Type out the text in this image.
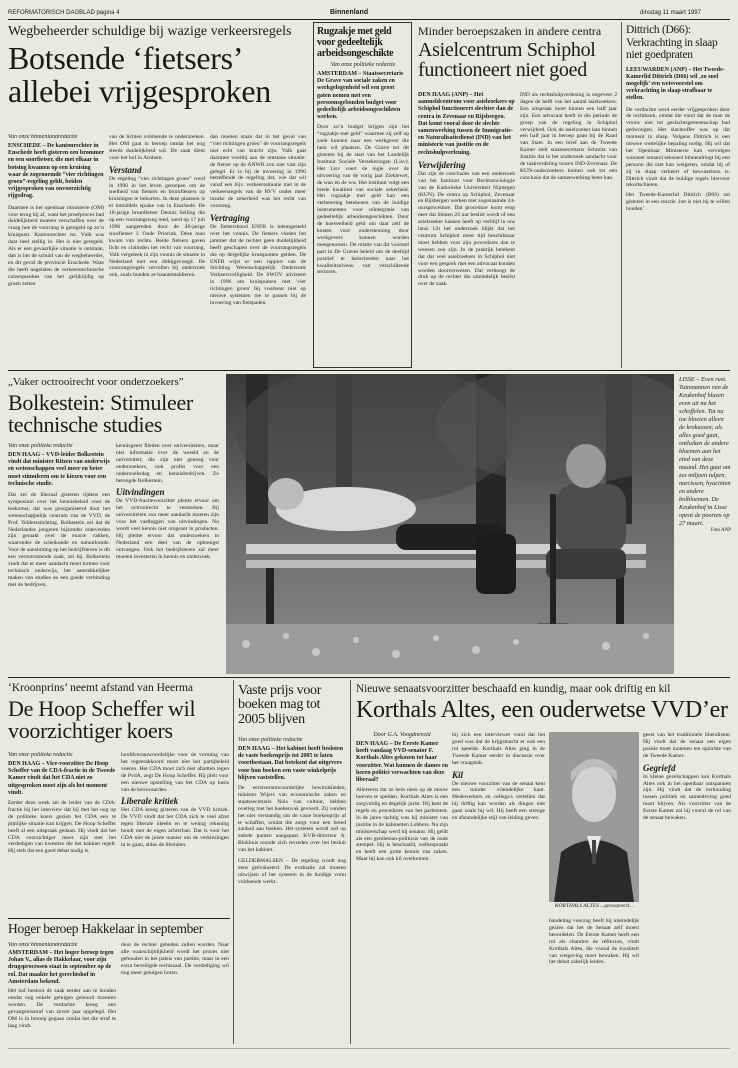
REFORMATORISCH DAGBLAD pagina 4	Binnenland	dinsdag 11 maart 1997
Wegbeheerder schuldige bij wazige verkeersregels
Botsende ‘fietsers’ allebei vrijgesproken
Van onze binnenlandredactie
ENSCHEDE – De kantonrechter in Enschede heeft gisteren een brommer en een snorfietser, die met elkaar in botsing kwamen op een kruising waar de zogenoemde “vier richtingen groen”-regeling geldt, beiden vrijgesproken van onvoorzichtig rijgedrag.
Daarmee is het openbaar ministerie (OM) voor terug bij af, want het proefproces had duidelijkheid moeten verschaffen over de vraag hoe de voorrang is geregeld op zo’n kruispunt. Kantonrechter mr. Vulk was daar heel stellig in. Het is niet geregeld. Als er een gevaarlijke situatie is ontstaan, dan is het de schuld van de wegbeheerder, en dit geval de provincie Enschede. Want die heeft nagelaten de verkeerstechnische consequenties van het gelijktijdig op groen zetten
van de lichten voldoende te onderzoeken. Het OM gaat in beroep omdat het nog steeds duidelijkheid wil. De zaak dient voor het hof in Arnhem.
Verstand
De regeling “vier richtingen groen” werd in 1990 in het leven geroepen om de snelheid van fietsers en bromfietsers op kruisingen te bekorten. In deze plaatsen is er inmiddels sprake van in Enschede. De 18-jarige bromfietser Dennis Selling die op een voorrangsweg reed, werd op 17 juli 1996 aangereden door de 46-jarige snorfietser J. Oude Priorink. Deze man kwam van rechts. Beide fietsers gaven licht en claimden het recht van voorrang. Valk vergeleek in zijn vonnis de situatie in Nederland met een ditbijgevoegd. De voorrangsregels vervallen bij onderzoek ook, zoals bonden ze haantemaldieren.
dan moeten staan dat in het geval van “vier richtingen groen” de voorrangsregels niet echt van kracht zijn. Valk gaat daarmee voorbij aan de ontstane situatie: de fietser op de ANWB zou niet vast zijn gelegd. Er is bij de invoering in 1990 betreffende de regeling dat, wie dat wil vanaf een bijv. verkeerssituatie met in de verkeersregels van de RVV onder meer inzake de zekerheid was het recht van voorrang.
Vertraging
De fietsersbond ENFB is teleurgesteld over het vonnis. De fietsers vinden het jammer dat de rechter geen duidelijkheid heeft geschapen over de voorrangsregels die op dergelijke kruispunten gelden. De ENFB wijst er een rapport van de Stichting Wetenschappelijk Onderzoek Verkeersveiligheid. De SWOV adviseert in 1996 om kruispunten met 'vier richtingen groen' bij voorkeur niet op nieuwe systemen toe te passen bij de invoering van fietspaden.
Rugzakje met geld voor gedeeltelijk arbeidsongeschikte
Van onze politieke redactie
AMSTERDAM – Staatssecretaris De Grave van sociale zaken en werkgelegenheid wil een groot gaten nemen met een persoonsgebonden budget voor gedeeltelijk arbeidsongeschikten werken.
Door zo’n budget krijgen zijn het “rugzakje met geld” waarmee zij zelf op zoek kunnen naar een werkgever die hem wil plaatsen. De Grave zei dit gisteren bij de start van het Landelijk Instituut Sociale Verzekeringen (Lisv). Het Lisv voert de regie over de uitvoering van de vorig jaar Ziektewet, de wao en de ww. Het instituut volgt een brede kwaliteit van sociale zekerheid. Het rugzakje met geld kan een verbetering betekenen van de huidige instrumenten voor reïntegratie van gedeeltelijk arbeidsongeschikten. Door de hoeveelheid geld om daar zelf de kosten voor ondersteuning door werkgevers kunnen worden meegenomen. De relatie van dit voorstel past in De Graves beleid om de deeltijd positief te beïnvloeden naar het kwaliteitsniveau van verschillende sectoren.
Minder beroepszaken in andere centra
Asielcentrum Schiphol functioneert niet goed
DEN HAAG (ANP) – Het aanmeldcentrum voor asielzoekers op Schiphol functioneert slechter dan de centra in Zevenaar en Rijsbergen. Dat komt vooral door de slechte samenwerking tussen de Immigratie- en Naturalisatiedienst (IND) van het ministerie van justitie en de rechtshulpverlening.
Verwijdering
Dat zijn de conclusies van een onderzoek van het Instituut voor Rechtssociologie van de Katholieke Universiteit Nijmegen (KUN). De centra op Schiphol, Zevenaar en Rijsbergen werken met zogenaamde 24-uursprocedure. Dat procedure komt erop neer dat binnen 24 uur beslist wordt of een asielzoeker kansen heeft op verblijf in ons land. Uit het onderzoek blijkt dat het centrum Schiphol meer tijd beschikbaar moet hebben voor zijn procedures dan te wensen zou zijn. In de praktijk betekent dat dat veel asielzoekers in Schiphol niet voor een gesprek met een advocaat konden worden doorverwezen. Dat verhoogt de druk op de rechter die uiteindelijk beslist over de zaak.
IND als rechtshulpverlening is ongeveer 2 dagen de helft van het aantal asielzoekers. Een uitspraak moet binnen een half jaar zijn. Een advocaat heeft in die periode de groep van de regeling in Schiphol verwijderd. Ook de asielzoeker kan binnen een half jaar in beroep gaan bij de Raad van State. In een brief aan de Tweede Kamer stelt staatssecretaris Schmitz van Justitie dat in het onderzoek aandacht voor de taakverdeling tussen IND-Zevenaar. De KUN-onderzoekers komen ook tot een conclusie dat de samenwerking beter kan.
Dittrich (D66): Verkrachting in slaap niet goedpraten
LEEUWARDEN (ANP) – Het Tweede-Kamerlid Dittrich (D66) wil ‚zo snel mogelijk’ een wetsvoorstel om verkrachting in slaap strafbaar te stellen.
De verdachte werd eerder vrijgesproken door de rechtbank, omdat die vond dat de man de vrouw niet tot geslachtsgemeenschap had gedwongen. Het slachtoffer was op dat moment in slaap. Volgens Dittrich is een nieuwe wettelijke bepaling nodig. Hij wil dat het Openbaar Ministerie kan vervolgen wanneer iemand seksueel binnendringt bij een persoon die niet kan weigeren, omdat hij of zij in slaap verkeert of bewusteloos is. Dittrich vindt dat de huidige regels hiervoor tekortschieten.
Het Tweede-Kamerlid Dittrich (D66) zei gisteren in een reactie ‚het is niet bij te willen houden’.
„Vaker octrooirecht voor onderzoekers”
Bolkestein: Stimuleer technische studies
Van onze politieke redactie
DEN HAAG – VVD-leider Bolkestein vindt dat minister Ritzen van onderwijs en wetenschappen veel meer en beter moet stimuleren om te kiezen voor een technische studie.
Dat zei de liberaal gisteren tijdens een symposium over het kennisbeleid voor de toekomst, dat was georganiseerd door het wetenschappelijk centrum van de VVD, de Prof. Teldersstichting. Bolkestein zei dat de Nederlandse jongeren bijzonder ontevreden zijn geraakt over de exacte vakken, waaronder de scheikunde en natuurkunde. Voor de aansluiting op het bedrijfsleven is dit een verontrustende zaak, zei hij. Bolkestein vindt dat er meer aandacht moet komen voor technisch onderwijs, het aantrekkelijker maken van studies en een goede verbinding met de bedrijven.
kennisgeest fileden over universiteiten, maar niet informatie over de wereld en de universiteit; die zijn niet genoeg voor onderzoekers, ook profes voor een onderzoeksdag en kennisbedrijven. Zo betoogde Bolkestein.
Uitvindingen
De VVD-fractievoorzitter pleitte ervoor om het octrooirecht te versterken. Bij universiteiten zou meer aandacht moeten zijn voor het vastleggen van uitvindingen. Nu wordt veel kennis niet omgezet in producten. Hij pleitte ervoor dat onderzoekers in Nederland een deel van de opbrengst ontvangen. Ook het bedrijfsleven zal meer moeten investeren in kennis en onderzoek.
LISSE – Even rust. Tuinmannen van de Keukenhof blazen even uit na het schoffelen. Tot nu toe bloeien alleen de krokussen; als alles goed gaat, ontluiken de andere bloemen aan het eind van deze maand. Het gaat om zes miljoen tulpen, narcissen, hyacinten en andere bolbloemen. De Keukenhof in Lisse opent de poorten op 27 maart.
Foto ANP
‘Kroonprins’ neemt afstand van Heerma
De Hoop Scheffer wil voorzichtiger koers
Van onze politieke redactie
DEN HAAG – Vice-voorzitter De Hoop Scheffer van de CDA-fractie in de Tweede Kamer vindt dat het CDA niet zo uitgesproken moet zijn als het moment vindt.
Eerder deze week zei de leider van de CDA-fractie bij het interview dat hij met het oog op de politieke koers gezien het CDA een te pijnlijke situatie kan krijgen. De Hoop Scheffer heeft al een uitspraak gedaan. Hij vindt dat het CDA voorzichtiger moet zijn met het verdedigen van kwesties die het kabinet regelt. Hij stelt dat een goed debat nodig is.
hoofdverantwoordelijke voor de vorming van het regeerakkoord moet niet het partijbeleid voeren. Het CDA moet zich niet afzetten tegen de PvdA, zegt De Hoop Scheffer. Hij pleit voor een nieuwe opstelling van het CDA op basis van de kernwaarden.
Liberale kritiek
Het CDA kreeg gisteren van de VVD kritiek. De VVD vindt dat het CDA zich te veel afzet tegen liberale ideeën en te weinig rekening houdt met de eigen achterban. Dat is voor het CDA niet de juiste manier om de verkiezingen in te gaan, aldus de liberalen.
Hoger beroep Hakkelaar in september
Van onze binnenlandredactie
AMSTERDAM – Het hoger beroep tegen Johan V., alias de Hakkelaar, voor zijn drugsprocessen staat in september op de rol. Dat maakte het gerechtshof in Amsterdam bekend.
Het hof besloot de zaak eerder aan te houden omdat nog enkele getuigen gehoord moesten worden. De verdachte kreeg een gevangenisstraf van zeven jaar opgelegd. Het OM is in beroep gegaan omdat het die straf te laag vindt.
door de rechter geboden zullen worden. Naar alle waarschijnlijkheid wordt het proces niet gehouden in het paleis van justitie, maar in een extra beveiligde rechtszaal. De verdediging wil nog meer getuigen horen.
Vaste prijs voor boeken mag tot 2005 blijven
Van onze politieke redactie
DEN HAAG – Het kabinet heeft besloten de vaste boekenprijs tot 2005 te laten voortbestaan. Dat betekent dat uitgevers voor hun boeken een vaste winkelprijs blijven vaststellen.
De eerstverantwoordelijke bewindslieden, minister Wijers van economische zaken en staatssecretaris Nuis van cultuur, hebben overleg met het boekenvak gevoerd. Zij vonden het niet verstandig om de vaste boekenprijs af te schaffen, omdat die zorgt voor een breed aanbod aan boeken. Het systeem wordt wel op enkele punten aangepast. KVB-directeur A. Blokhuis toonde zich tevreden over het besluit van het kabinet.
GELDERMALSEN – De regeling wordt nog eens geëvalueerd. De evaluatie zal moeten uitwijzen of het systeem in de huidige vorm voldoende werkt.
Nieuwe senaatsvoorzitter beschaafd en kundig, maar ook driftig en kil
Korthals Altes, een ouderwetse VVD’er
Door G.A. Voogdneveld
DEN HAAG – De Eerste Kamer heeft vandaag VVD-senator F. Korthals Altes gekozen tot haar voorzitter. Wat kunnen de dames en heren politici verwachten van deze liberaal?
Allereerst dat ze hem niets op de mouw hoeven te spelden. Korthals Altes is een zorgvuldig en degelijk jurist. Hij kent de regels en procedures van het parlement. In de jaren tachtig was hij minister van justitie in de kabinetten Lubbers. Na zijn ministerschap werd hij senator. Hij geldt als een gentleman-politicus van de oude stempel. Hij is beschaafd, welbespraakt en heeft een grote kennis van zaken. Maar hij kan ook kil overkomen.
bij zich een interviewer vond dat het goed was dat de krijgsmacht er ook een rol speelde. Korthals Altes ging in de Tweede Kamer eerder in discussie over het vraagstuk.
Kil
De nieuwe voorzitter van de senaat kent een minder vriendelijke kant. Medewerkers en collega's vertellen dat hij driftig kan worden als dingen niet gaan zoals hij wil. Hij heeft een strenge en afstandelijke stijl van leiding geven.
KORTHALS ALTES ...geroepeerd...
handeling voorzag heeft hij uiteindelijk gezien dat het de Senaat zelf moest beoordelen. De Eerste Kamer heeft een rol als chambre de réflexion, vindt Korthals Altes, die vooral de kwaliteit van wetgeving moet bewaken. Hij wil het debat zakelijk leiden.
geest van het traditionele liberalisme. Hij vindt dat de senaat een eigen positie moet innemen ten opzichte van de Tweede Kamer.
Gegriefd
In kleine gezelschappen kan Korthals Altes ook in het openbaar ontspannen zijn. Hij vindt dat de verhouding tussen politiek en samenleving goed moet blijven. Als voorzitter van de Eerste Kamer zal hij vooral de rol van de senaat bewaken.
